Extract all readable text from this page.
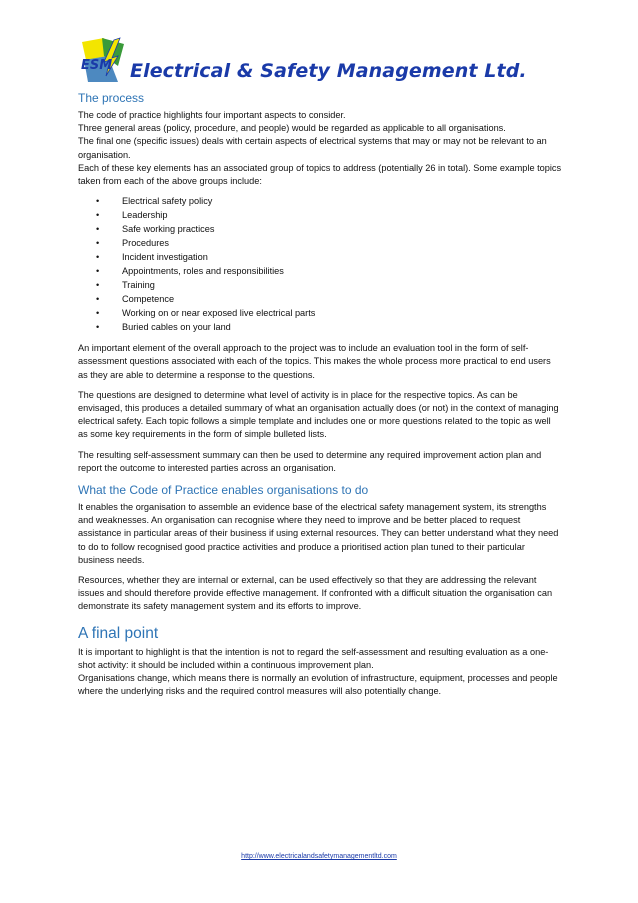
ESM Electrical & Safety Management Ltd.
The process

The code of practice highlights four important aspects to consider.

Three general areas (policy, procedure, and people) would be regarded as applicable to all organisations.

The final one (specific issues) deals with certain aspects of electrical systems that may or may not be relevant to an organisation.

Each of these key elements has an associated group of topics to address (potentially 26 in total). Some example topics taken from each of the above groups include:

• Electrical safety policy
• Leadership
• Safe working practices
• Procedures
• Incident investigation
• Appointments, roles and responsibilities
• Training
• Competence
• Working on or near exposed live electrical parts
• Buried cables on your land

An important element of the overall approach to the project was to include an evaluation tool in the form of self-assessment questions associated with each of the topics. This makes the whole process more practical to end users as they are able to determine a response to the questions.

The questions are designed to determine what level of activity is in place for the respective topics. As can be envisaged, this produces a detailed summary of what an organisation actually does (or not) in the context of managing electrical safety. Each topic follows a simple template and includes one or more questions related to the topic as well as some key requirements in the form of simple bulleted lists.

The resulting self-assessment summary can then be used to determine any required improvement action plan and report the outcome to interested parties across an organisation.

What the Code of Practice enables organisations to do

It enables the organisation to assemble an evidence base of the electrical safety management system, its strengths and weaknesses. An organisation can recognise where they need to improve and be better placed to request assistance in particular areas of their business if using external resources. They can better understand what they need to do to follow recognised good practice activities and produce a prioritised action plan tuned to their particular business needs.

Resources, whether they are internal or external, can be used effectively so that they are addressing the relevant issues and should therefore provide effective management. If confronted with a difficult situation the organisation can demonstrate its safety management system and its efforts to improve.

A final point

It is important to highlight is that the intention is not to regard the self-assessment and resulting evaluation as a one-shot activity: it should be included within a continuous improvement plan.

Organisations change, which means there is normally an evolution of infrastructure, equipment, processes and people where the underlying risks and the required control measures will also potentially change.

http://www.electricalandsafetymanagementltd.com
